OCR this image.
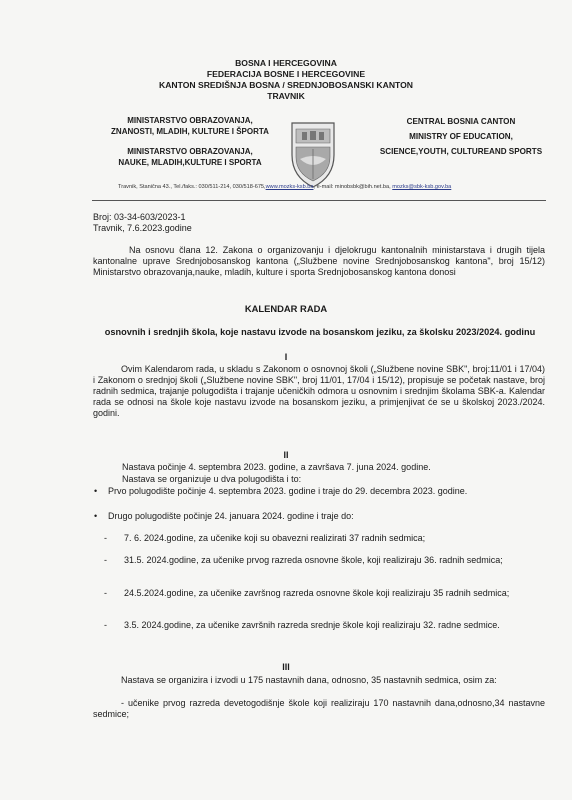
BOSNA I HERCEGOVINA
FEDERACIJA BOSNE I HERCEGOVINE
KANTON SREDIŠNJA BOSNA / SREDNJOBOSANSKI KANTON
TRAVNIK
MINISTARSTVO OBRAZOVANJA,
ZNANOSTI, MLADIH, KULTURE I ŠPORTA
MINISTARSTVO OBRAZOVANJA,
NAUKE, MLADIH,KULTURE I SPORTA
CENTRAL BOSNIA CANTON
MINISTRY OF EDUCATION,
SCIENCE,YOUTH, CULTUREAND SPORTS
Travnik, Stanična 43., Tel./faks.: 030/511-214, 030/518-675,www.mozks-ksb.ba, e-mail: minobsbk@bih.net.ba, mozks@sbk-ksb.gov.ba
Broj: 03-34-603/2023-1
Travnik, 7.6.2023.godine
Na osnovu člana 12. Zakona o organizovanju i djelokrugu kantonalnih ministarstava i drugih tijela kantonalne uprave Srednjobosanskog kantona („Službene novine Srednjobosanskog kantona", broj 15/12) Ministarstvo obrazovanja,nauke, mladih, kulture i sporta Srednjobosanskog kantona donosi
KALENDAR RADA
osnovnih i srednjih škola, koje nastavu izvode na bosanskom jeziku, za školsku 2023/2024. godinu
I
Ovim Kalendarom rada, u skladu s Zakonom o osnovnoj školi („Službene novine SBK", broj:11/01 i 17/04) i Zakonom o srednjoj školi („Službene novine SBK", broj 11/01, 17/04 i 15/12), propisuje se početak nastave, broj radnih sedmica, trajanje polugodišta i trajanje učeničkih odmora u osnovnim i srednjim školama SBK-a. Kalendar rada se odnosi na škole koje nastavu izvode na bosanskom jeziku, a primjenjivat će se u školskoj 2023./2024. godini.
II
Nastava počinje 4. septembra 2023. godine, a završava 7. juna 2024. godine.
Nastava se organizuje u dva polugodišta i to:
• Prvo polugodište počinje 4. septembra 2023. godine i traje do 29. decembra 2023. godine.
• Drugo polugodište počinje 24. januara 2024. godine i traje do:
- 7. 6. 2024.godine, za učenike koji su obavezni realizirati 37 radnih sedmica;
- 31.5. 2024.godine, za učenike prvog razreda osnovne škole, koji realiziraju 36. radnih sedmica;
- 24.5.2024.godine, za učenike završnog razreda osnovne škole koji realiziraju 35 radnih sedmica;
- 3.5. 2024.godine, za učenike završnih razreda srednje škole koji realiziraju 32. radne sedmice.
III
Nastava se organizira i izvodi u 175 nastavnih dana, odnosno, 35 nastavnih sedmica, osim za:
- učenike prvog razreda devetogodišnje škole koji realiziraju 170 nastavnih dana,odnosno,34 nastavne sedmice;
